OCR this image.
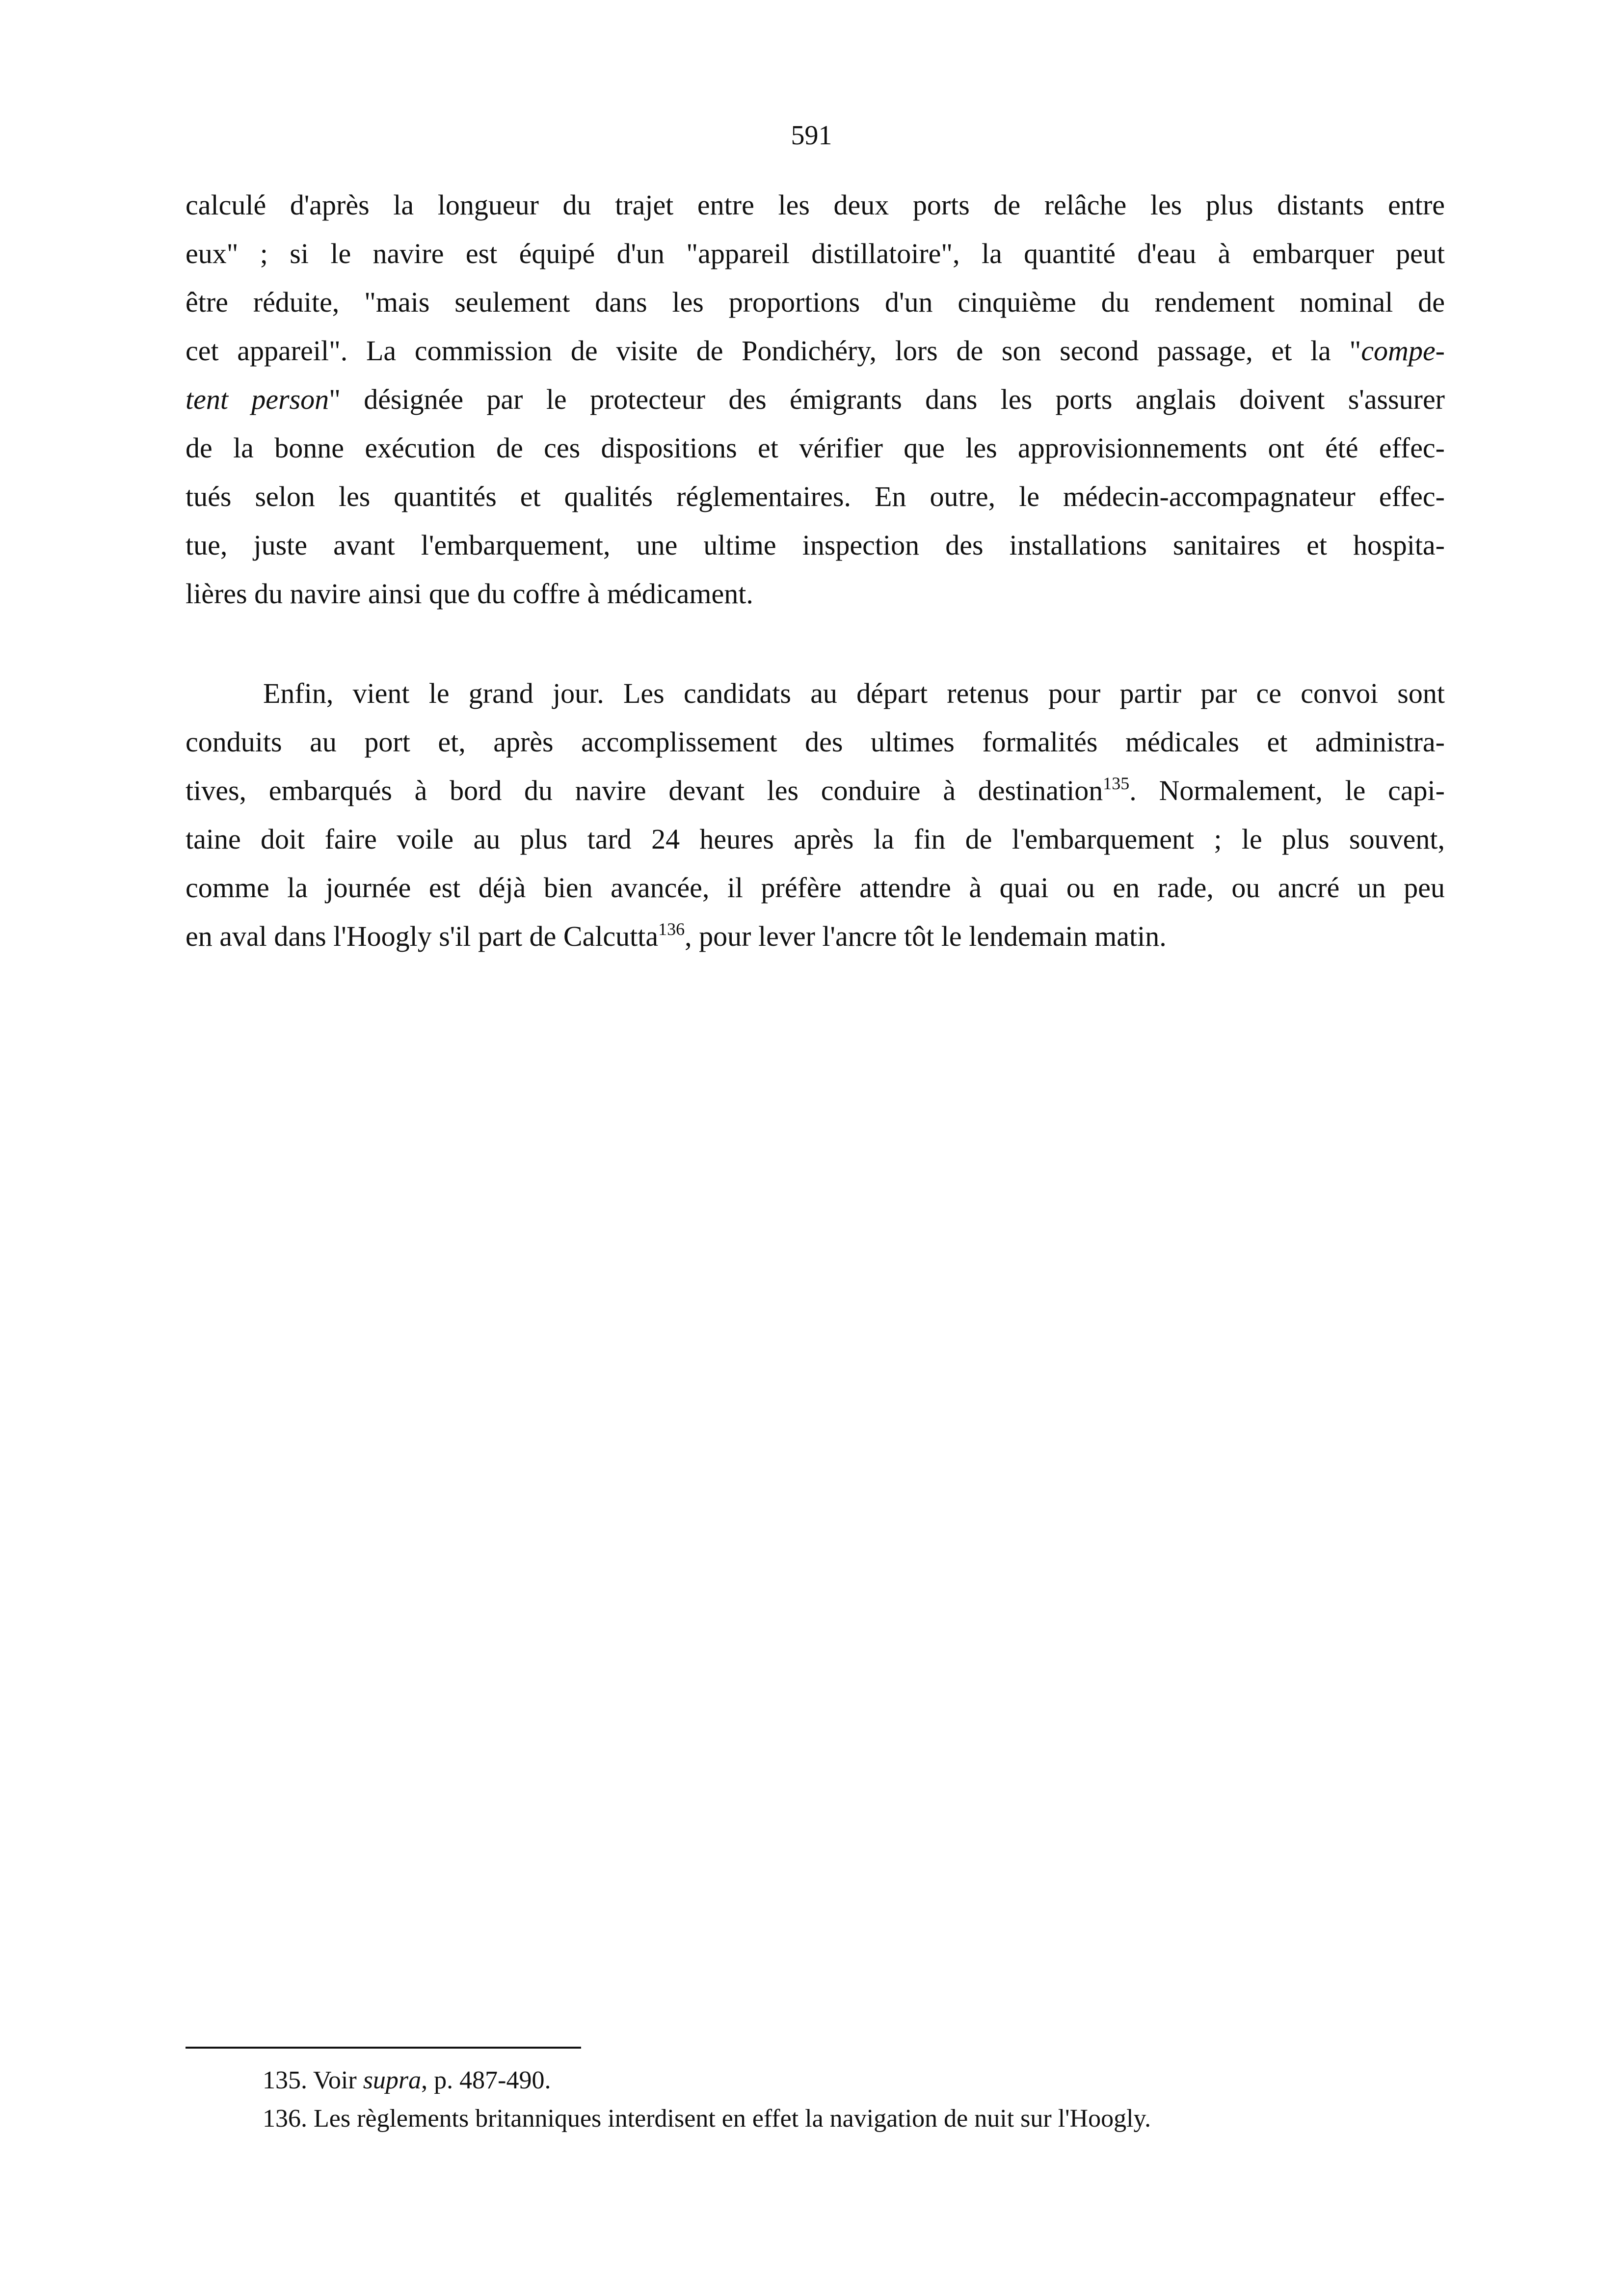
591
calculé d'après la longueur du trajet entre les deux ports de relâche les plus distants entre
eux" ; si le navire est équipé d'un "appareil distillatoire", la quantité d'eau à embarquer peut
être réduite, "mais seulement dans les proportions d'un cinquième du rendement nominal de
cet appareil". La commission de visite de Pondichéry, lors de son second passage, et la "compe-
tent person" désignée par le protecteur des émigrants dans les ports anglais doivent s'assurer
de la bonne exécution de ces dispositions et vérifier que les approvisionnements ont été effec-
tués selon les quantités et qualités réglementaires. En outre, le médecin-accompagnateur effec-
tue, juste avant l'embarquement, une ultime inspection des installations sanitaires et hospita-
lières du navire ainsi que du coffre à médicament.
Enfin, vient le grand jour. Les candidats au départ retenus pour partir par ce convoi sont
conduits au port et, après accomplissement des ultimes formalités médicales et administra-
tives, embarqués à bord du navire devant les conduire à destination$^{135}$. Normalement, le capi-
taine doit faire voile au plus tard 24 heures après la fin de l'embarquement ; le plus souvent,
comme la journée est déjà bien avancée, il préfère attendre à quai ou en rade, ou ancré un peu
en aval dans l'Hoogly s'il part de Calcutta$^{136}$, pour lever l'ancre tôt le lendemain matin.
135. Voir supra, p. 487-490.
136. Les règlements britanniques interdisent en effet la navigation de nuit sur l'Hoogly.
